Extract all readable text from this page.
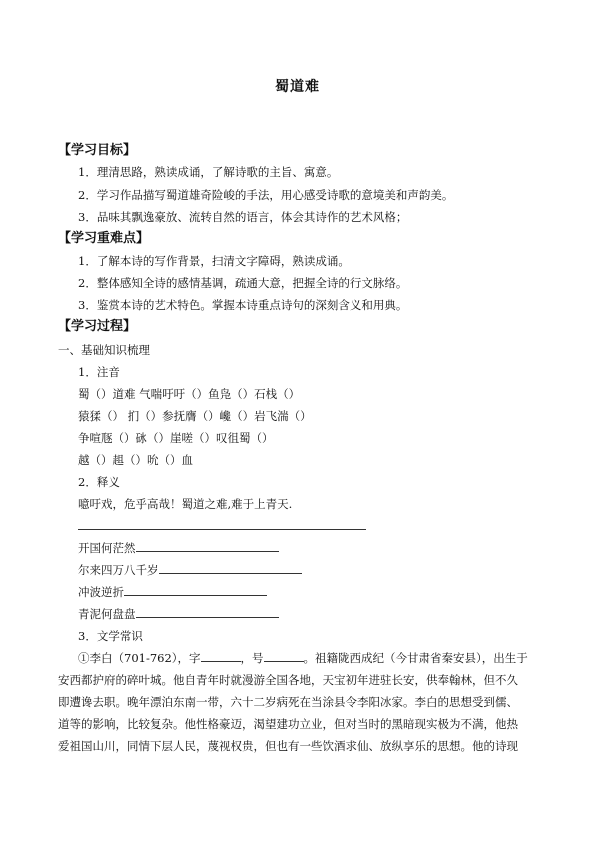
蜀道难
【学习目标】
1．理清思路，熟读成诵，了解诗歌的主旨、寓意。
2．学习作品描写蜀道雄奇险峻的手法，用心感受诗歌的意境美和声韵美。
3．品味其飘逸豪放、流转自然的语言，体会其诗作的艺术风格；
【学习重难点】
1．了解本诗的写作背景，扫清文字障碍，熟读成诵。
2．整体感知全诗的感情基调，疏通大意，把握全诗的行文脉络。
3．鉴赏本诗的艺术特色。掌握本诗重点诗句的深刻含义和用典。
【学习过程】
一、基础知识梳理
1．注音
蜀（）道难 气喘吁吁（）鱼凫（）石栈（）
猿猱（） 扪（）参抚膺（）巉（）岩飞湍（）
争喧豗（）砯（）崖嗟（）叹徂蜀（）
越（）趄（）吮（）血
2．释义
噫吁戏，危乎高哉！蜀道之难,难于上青天.
开国何茫然
尔来四万八千岁
冲波逆折
青泥何盘盘
3．文学常识
①李白（701-762），字	，号	。祖籍陇西成纪（今甘肃省秦安县），出生于
安西都护府的碎叶城。他自青年时就漫游全国各地，天宝初年进驻长安，供奉翰林，但不久
即遭谗去职。晚年漂泊东南一带，六十二岁病死在当涂县令李阳冰家。李白的思想受到儒、
道等的影响，比较复杂。他性格豪迈，渴望建功立业，但对当时的黑暗现实极为不满，他热
爱祖国山川，同情下层人民，蔑视权贵，但也有一些饮酒求仙、放纵享乐的思想。他的诗现
